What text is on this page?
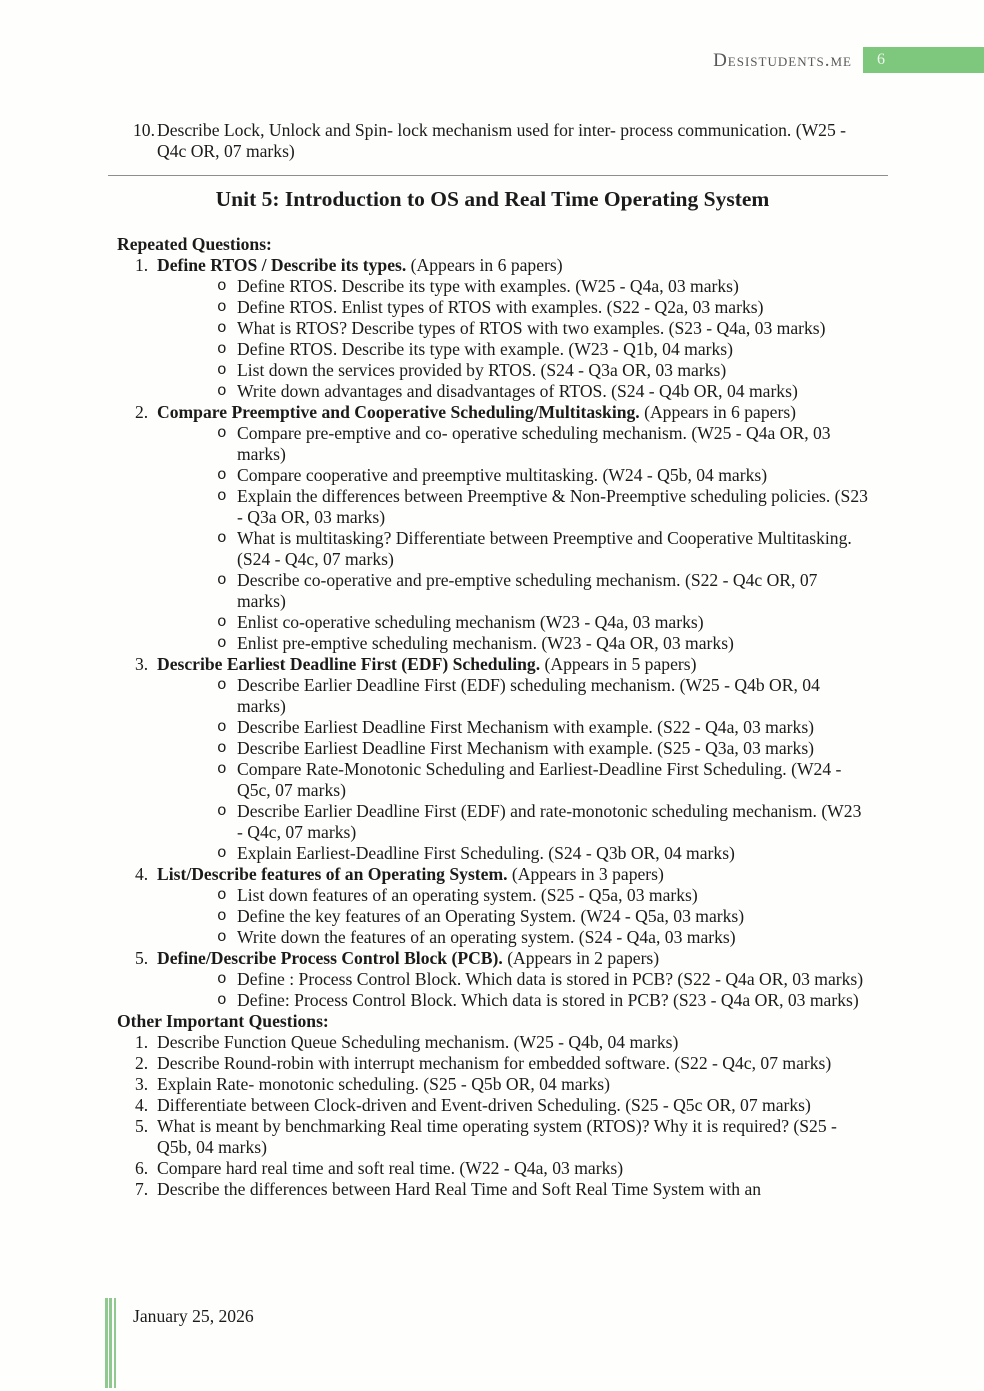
Desistudents.me	6
10. Describe Lock, Unlock and Spin- lock mechanism used for inter- process communication. (W25 - Q4c OR, 07 marks)
Unit 5: Introduction to OS and Real Time Operating System
Repeated Questions:
1. Define RTOS / Describe its types. (Appears in 6 papers)
o Define RTOS. Describe its type with examples. (W25 - Q4a, 03 marks)
o Define RTOS. Enlist types of RTOS with examples. (S22 - Q2a, 03 marks)
o What is RTOS? Describe types of RTOS with two examples. (S23 - Q4a, 03 marks)
o Define RTOS. Describe its type with example. (W23 - Q1b, 04 marks)
o List down the services provided by RTOS. (S24 - Q3a OR, 03 marks)
o Write down advantages and disadvantages of RTOS. (S24 - Q4b OR, 04 marks)
2. Compare Preemptive and Cooperative Scheduling/Multitasking. (Appears in 6 papers)
o Compare pre-emptive and co- operative scheduling mechanism. (W25 - Q4a OR, 03 marks)
o Compare cooperative and preemptive multitasking. (W24 - Q5b, 04 marks)
o Explain the differences between Preemptive & Non-Preemptive scheduling policies. (S23 - Q3a OR, 03 marks)
o What is multitasking? Differentiate between Preemptive and Cooperative Multitasking. (S24 - Q4c, 07 marks)
o Describe co-operative and pre-emptive scheduling mechanism. (S22 - Q4c OR, 07 marks)
o Enlist co-operative scheduling mechanism (W23 - Q4a, 03 marks)
o Enlist pre-emptive scheduling mechanism. (W23 - Q4a OR, 03 marks)
3. Describe Earliest Deadline First (EDF) Scheduling. (Appears in 5 papers)
o Describe Earlier Deadline First (EDF) scheduling mechanism. (W25 - Q4b OR, 04 marks)
o Describe Earliest Deadline First Mechanism with example. (S22 - Q4a, 03 marks)
o Describe Earliest Deadline First Mechanism with example. (S25 - Q3a, 03 marks)
o Compare Rate-Monotonic Scheduling and Earliest-Deadline First Scheduling. (W24 - Q5c, 07 marks)
o Describe Earlier Deadline First (EDF) and rate-monotonic scheduling mechanism. (W23 - Q4c, 07 marks)
o Explain Earliest-Deadline First Scheduling. (S24 - Q3b OR, 04 marks)
4. List/Describe features of an Operating System. (Appears in 3 papers)
o List down features of an operating system. (S25 - Q5a, 03 marks)
o Define the key features of an Operating System. (W24 - Q5a, 03 marks)
o Write down the features of an operating system. (S24 - Q4a, 03 marks)
5. Define/Describe Process Control Block (PCB). (Appears in 2 papers)
o Define : Process Control Block. Which data is stored in PCB? (S22 - Q4a OR, 03 marks)
o Define: Process Control Block. Which data is stored in PCB? (S23 - Q4a OR, 03 marks)
Other Important Questions:
1. Describe Function Queue Scheduling mechanism. (W25 - Q4b, 04 marks)
2. Describe Round-robin with interrupt mechanism for embedded software. (S22 - Q4c, 07 marks)
3. Explain Rate- monotonic scheduling. (S25 - Q5b OR, 04 marks)
4. Differentiate between Clock-driven and Event-driven Scheduling. (S25 - Q5c OR, 07 marks)
5. What is meant by benchmarking Real time operating system (RTOS)? Why it is required? (S25 - Q5b, 04 marks)
6. Compare hard real time and soft real time. (W22 - Q4a, 03 marks)
7. Describe the differences between Hard Real Time and Soft Real Time System with an
January 25, 2026
